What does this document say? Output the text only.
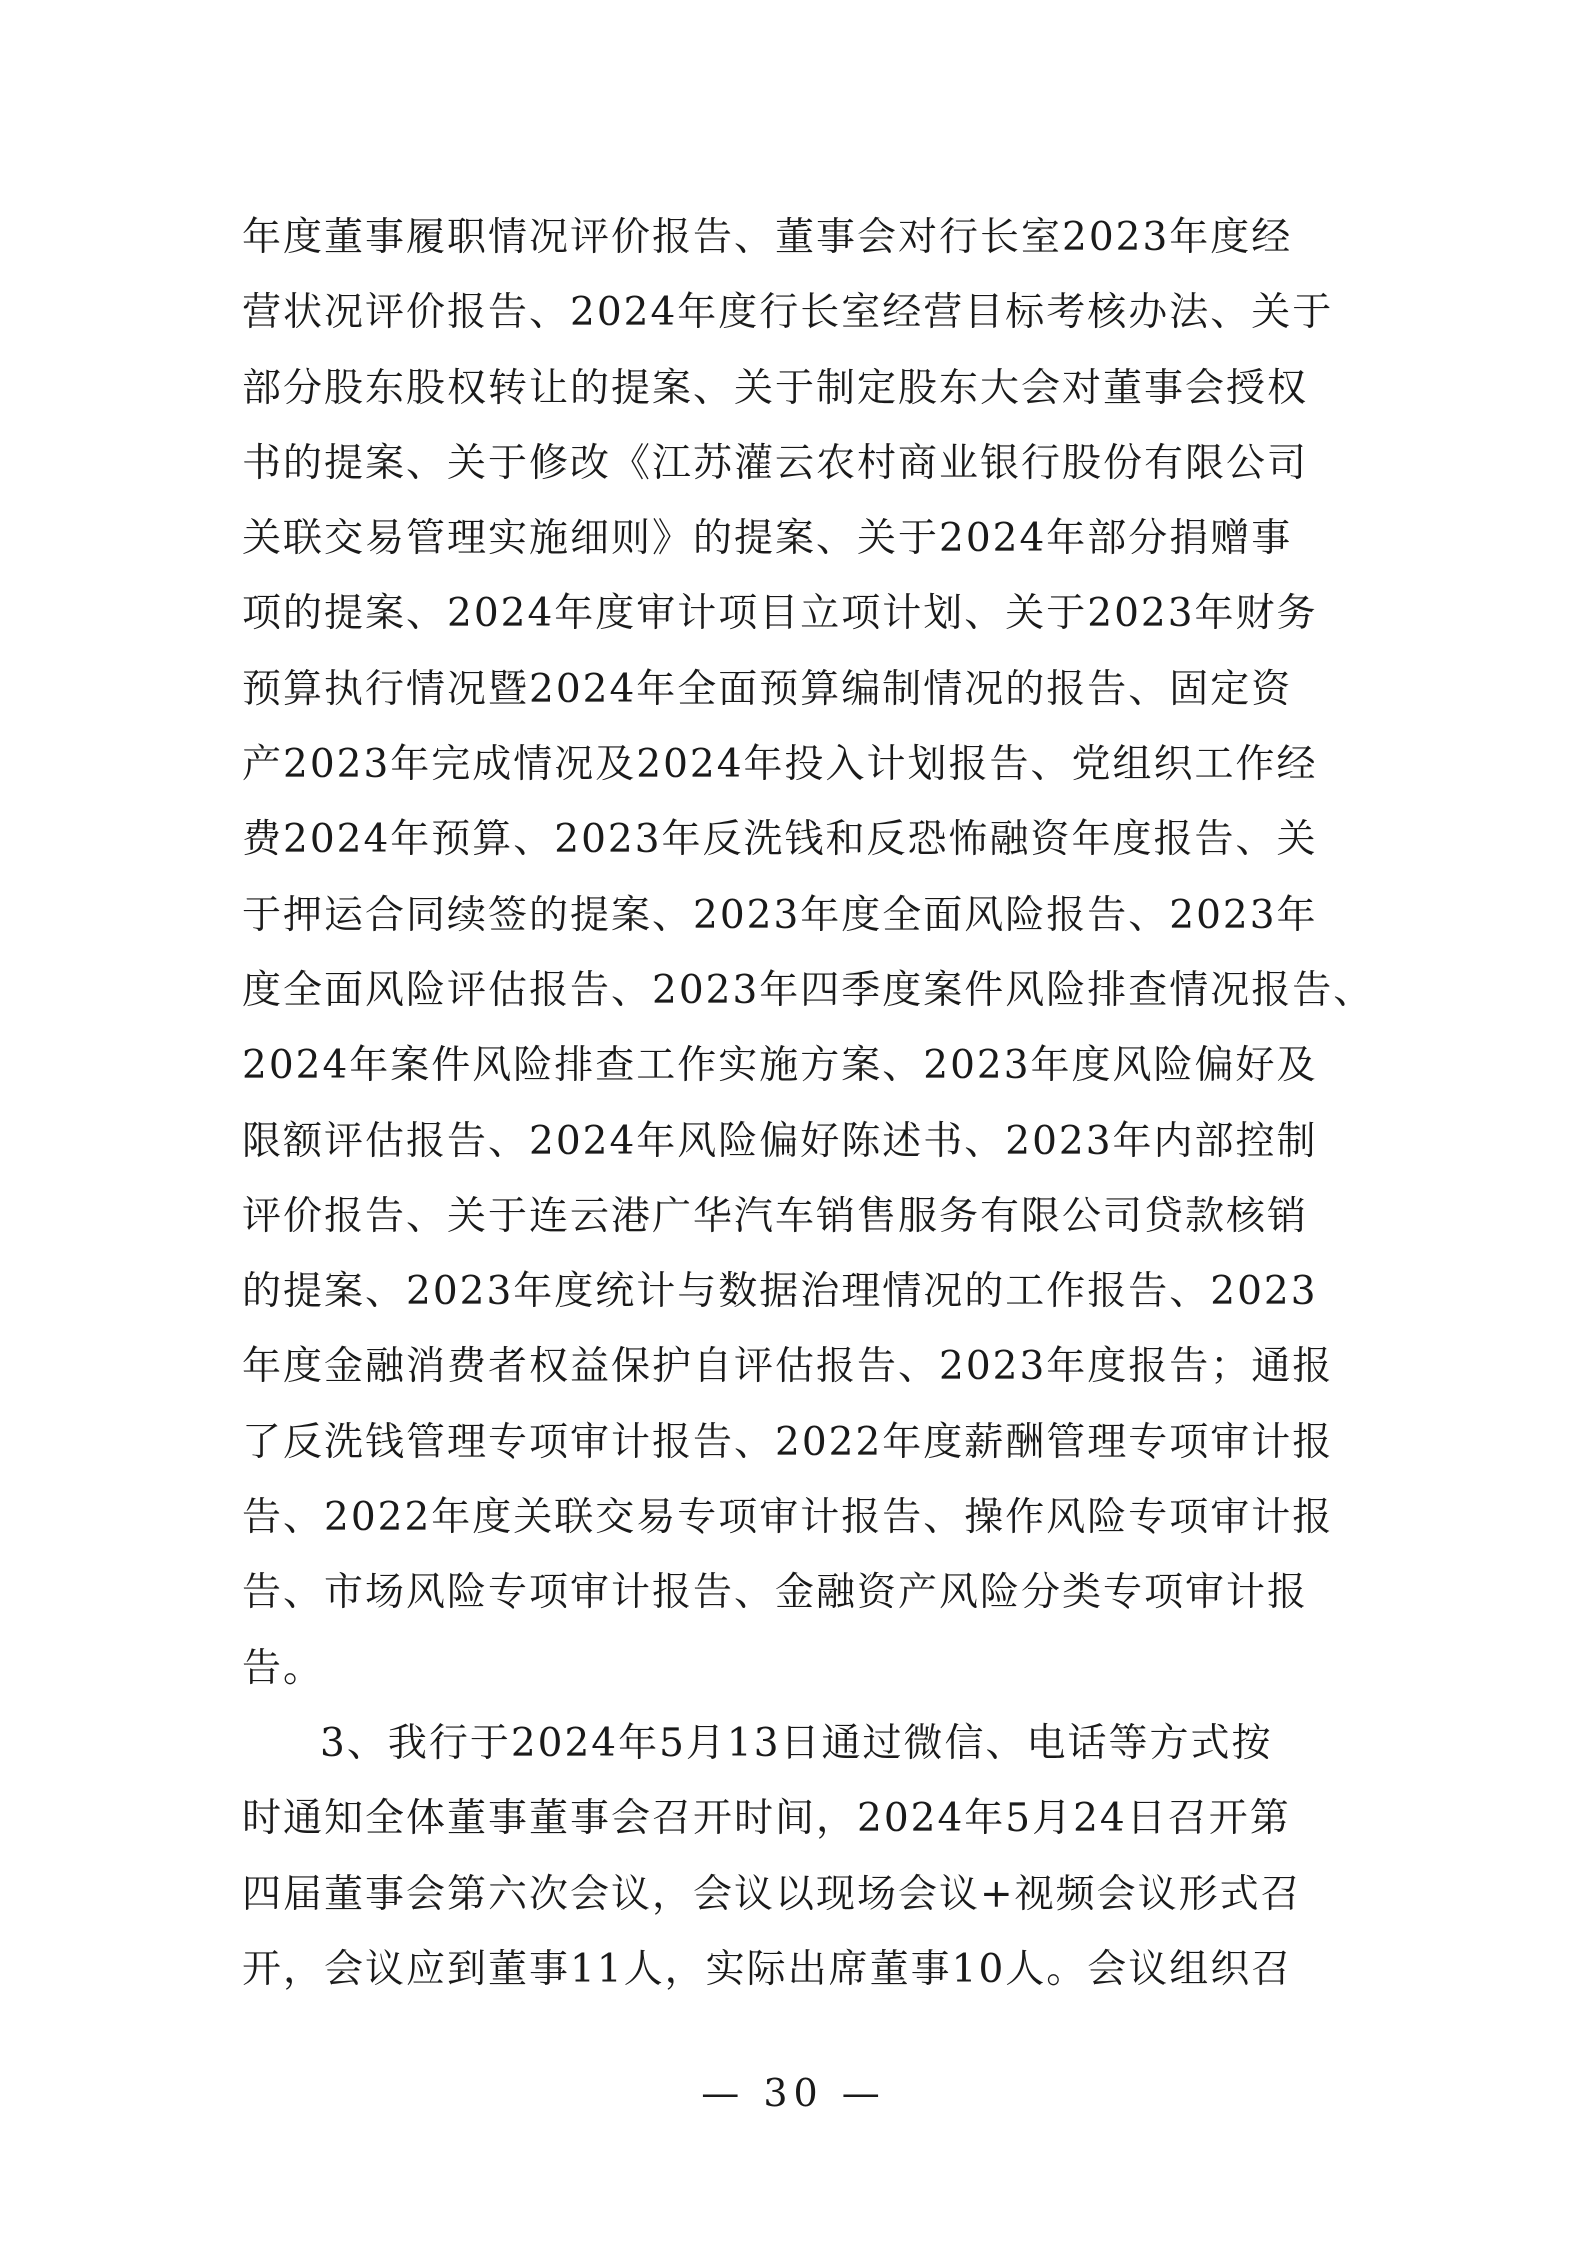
年度董事履职情况评价报告、董事会对行长室2023年度经
营状况评价报告、2024年度行长室经营目标考核办法、关于
部分股东股权转让的提案、关于制定股东大会对董事会授权
书的提案、关于修改《江苏灌云农村商业银行股份有限公司
关联交易管理实施细则》的提案、关于2024年部分捐赠事
项的提案、2024年度审计项目立项计划、关于2023年财务
预算执行情况暨2024年全面预算编制情况的报告、固定资
产2023年完成情况及2024年投入计划报告、党组织工作经
费2024年预算、2023年反洗钱和反恐怖融资年度报告、关
于押运合同续签的提案、2023年度全面风险报告、2023年
度全面风险评估报告、2023年四季度案件风险排查情况报告、
2024年案件风险排查工作实施方案、2023年度风险偏好及
限额评估报告、2024年风险偏好陈述书、2023年内部控制
评价报告、关于连云港广华汽车销售服务有限公司贷款核销
的提案、2023年度统计与数据治理情况的工作报告、2023
年度金融消费者权益保护自评估报告、2023年度报告；通报
了反洗钱管理专项审计报告、2022年度薪酬管理专项审计报
告、2022年度关联交易专项审计报告、操作风险专项审计报
告、市场风险专项审计报告、金融资产风险分类专项审计报
告。
3、我行于2024年5月13日通过微信、电话等方式按
时通知全体董事董事会召开时间，2024年5月24日召开第
四届董事会第六次会议，会议以现场会议+视频会议形式召
开，会议应到董事11人，实际出席董事10人。会议组织召
— 30 —
